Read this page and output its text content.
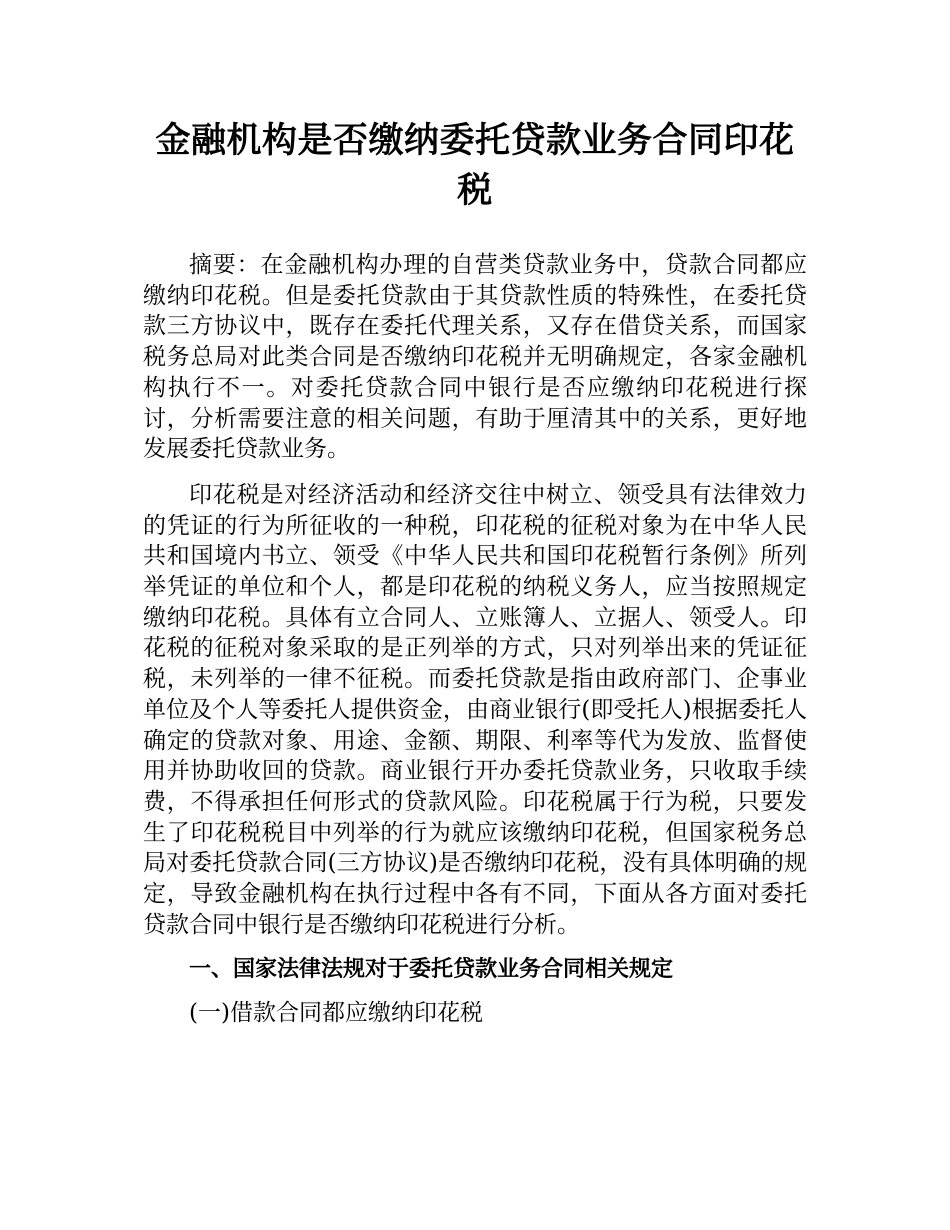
金融机构是否缴纳委托贷款业务合同印花税

摘要：在金融机构办理的自营类贷款业务中，贷款合同都应缴纳印花税。但是委托贷款由于其贷款性质的特殊性，在委托贷款三方协议中，既存在委托代理关系，又存在借贷关系，而国家税务总局对此类合同是否缴纳印花税并无明确规定，各家金融机构执行不一。对委托贷款合同中银行是否应缴纳印花税进行探讨，分析需要注意的相关问题，有助于厘清其中的关系，更好地发展委托贷款业务。

印花税是对经济活动和经济交往中树立、领受具有法律效力的凭证的行为所征收的一种税，印花税的征税对象为在中华人民共和国境内书立、领受《中华人民共和国印花税暂行条例》所列举凭证的单位和个人，都是印花税的纳税义务人，应当按照规定缴纳印花税。具体有立合同人、立账簿人、立据人、领受人。印花税的征税对象采取的是正列举的方式，只对列举出来的凭证征税，未列举的一律不征税。而委托贷款是指由政府部门、企事业单位及个人等委托人提供资金，由商业银行(即受托人)根据委托人确定的贷款对象、用途、金额、期限、利率等代为发放、监督使用并协助收回的贷款。商业银行开办委托贷款业务，只收取手续费，不得承担任何形式的贷款风险。印花税属于行为税，只要发生了印花税税目中列举的行为就应该缴纳印花税，但国家税务总局对委托贷款合同(三方协议)是否缴纳印花税，没有具体明确的规定，导致金融机构在执行过程中各有不同，下面从各方面对委托贷款合同中银行是否缴纳印花税进行分析。

一、国家法律法规对于委托贷款业务合同相关规定

(一)借款合同都应缴纳印花税
